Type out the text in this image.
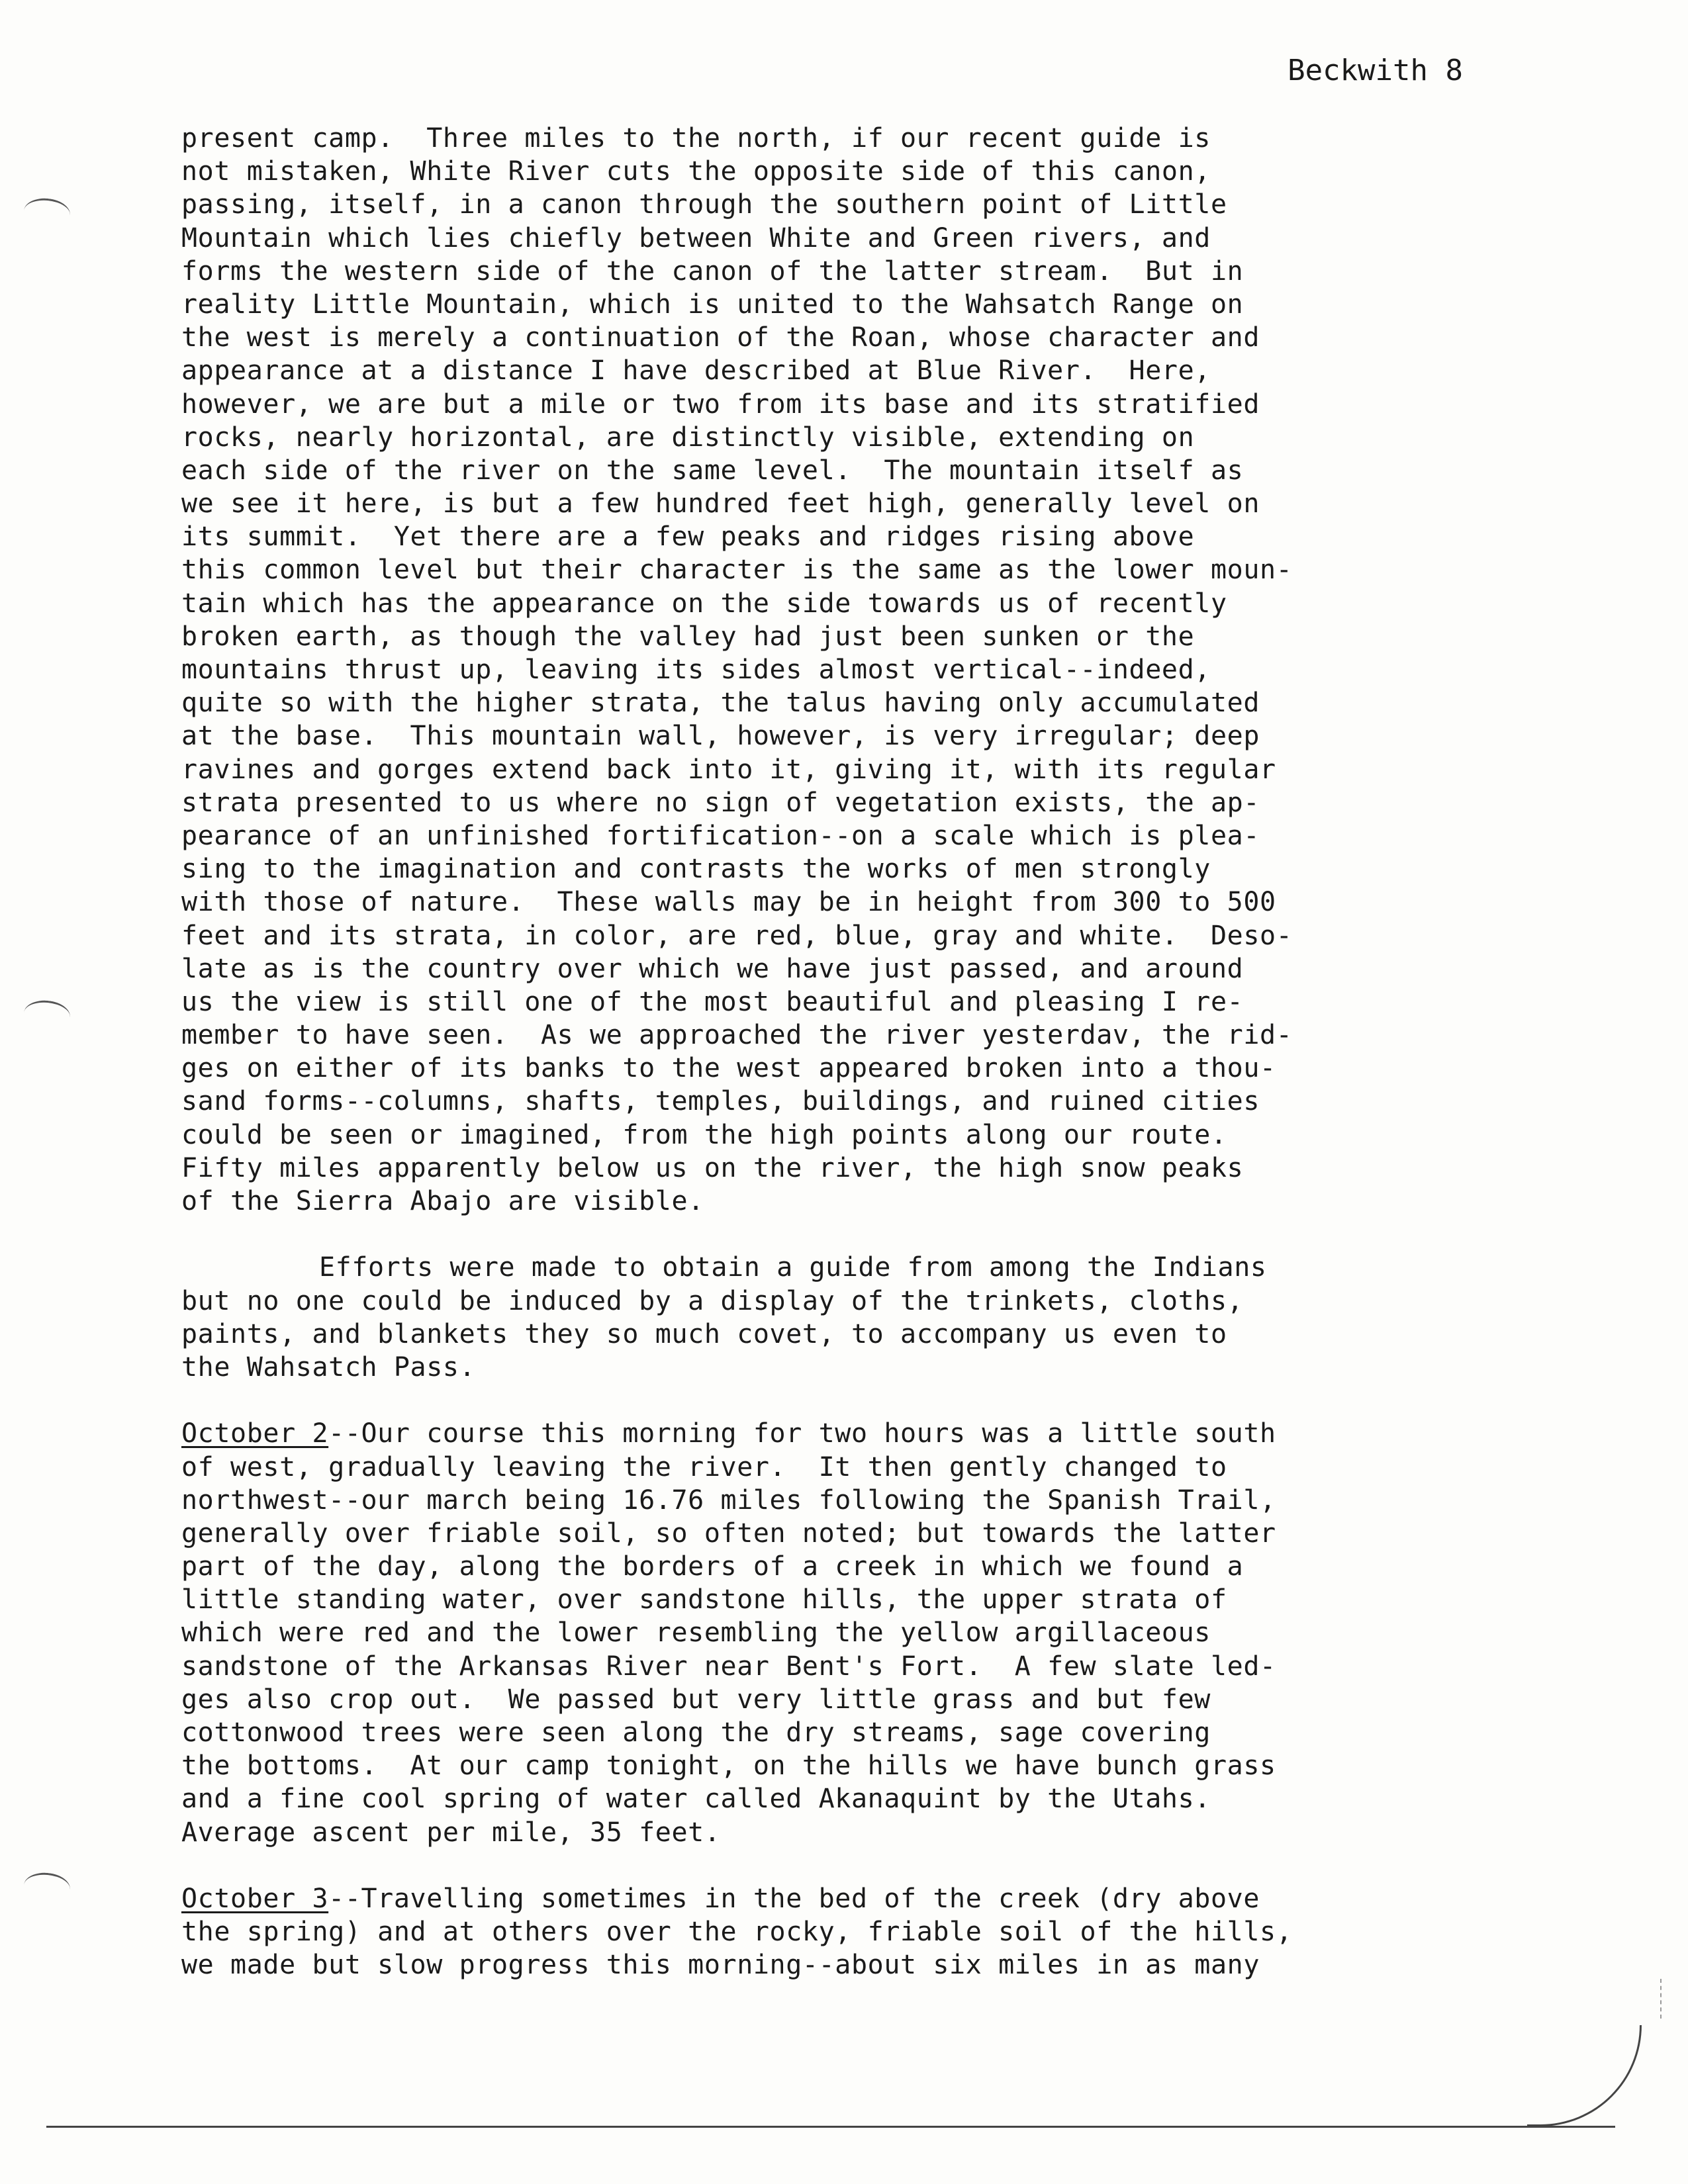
Beckwith 8
present camp.  Three miles to the north, if our recent guide is
not mistaken, White River cuts the opposite side of this canon,
passing, itself, in a canon through the southern point of Little
Mountain which lies chiefly between White and Green rivers, and
forms the western side of the canon of the latter stream.  But in
reality Little Mountain, which is united to the Wahsatch Range on
the west is merely a continuation of the Roan, whose character and
appearance at a distance I have described at Blue River.  Here,
however, we are but a mile or two from its base and its stratified
rocks, nearly horizontal, are distinctly visible, extending on
each side of the river on the same level.  The mountain itself as
we see it here, is but a few hundred feet high, generally level on
its summit.  Yet there are a few peaks and ridges rising above
this common level but their character is the same as the lower moun-
tain which has the appearance on the side towards us of recently
broken earth, as though the valley had just been sunken or the
mountains thrust up, leaving its sides almost vertical--indeed,
quite so with the higher strata, the talus having only accumulated
at the base.  This mountain wall, however, is very irregular; deep
ravines and gorges extend back into it, giving it, with its regular
strata presented to us where no sign of vegetation exists, the ap-
pearance of an unfinished fortification--on a scale which is plea-
sing to the imagination and contrasts the works of men strongly
with those of nature.  These walls may be in height from 300 to 500
feet and its strata, in color, are red, blue, gray and white.  Deso-
late as is the country over which we have just passed, and around
us the view is still one of the most beautiful and pleasing I re-
member to have seen.  As we approached the river yesterdav, the rid-
ges on either of its banks to the west appeared broken into a thou-
sand forms--columns, shafts, temples, buildings, and ruined cities
could be seen or imagined, from the high points along our route.
Fifty miles apparently below us on the river, the high snow peaks
of the Sierra Abajo are visible.
Efforts were made to obtain a guide from among the Indians
but no one could be induced by a display of the trinkets, cloths,
paints, and blankets they so much covet, to accompany us even to
the Wahsatch Pass.
October 2--Our course this morning for two hours was a little south
of west, gradually leaving the river.  It then gently changed to
northwest--our march being 16.76 miles following the Spanish Trail,
generally over friable soil, so often noted; but towards the latter
part of the day, along the borders of a creek in which we found a
little standing water, over sandstone hills, the upper strata of
which were red and the lower resembling the yellow argillaceous
sandstone of the Arkansas River near Bent's Fort.  A few slate led-
ges also crop out.  We passed but very little grass and but few
cottonwood trees were seen along the dry streams, sage covering
the bottoms.  At our camp tonight, on the hills we have bunch grass
and a fine cool spring of water called Akanaquint by the Utahs.
Average ascent per mile, 35 feet.
October 3--Travelling sometimes in the bed of the creek (dry above
the spring) and at others over the rocky, friable soil of the hills,
we made but slow progress this morning--about six miles in as many
